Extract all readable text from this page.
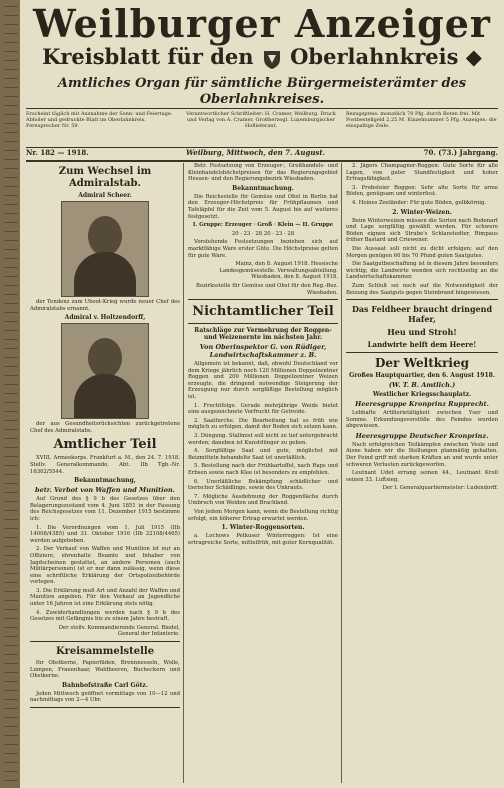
Weilburger Anzeiger
Kreisblatt für den Oberlahnkreis ◆
Amtliches Organ für sämtliche Bürgermeisterämter des Oberlahnkreises.
Erscheint täglich mit Ausnahme der Sonn- und Feiertage. Abholer und gedruckte Blatt im Oberlahnkreis. Fernsprecher Nr. 59.
Verantwortlicher Schriftleiter: H. Cramer, Weilburg. Druck und Verlag von A. Cramer, Großherzogl. Luxemburgischer Hoflieferant.
Bezugspreis: monatlich 70 Pfg. durch Boten frei. Mit Postbestellgeld 2,25 M. Einzelnummer 5 Pfg. Anzeigen: die einspaltige Zeile.
Nr. 182 — 1918.	Weilburg, Mittwoch, den 7. August.	70. (73.) Jahrgang.
Zum Wechsel im Admiralstab.
Admiral Scheer.

der Tendenz zum Uboot-Krieg wurde neuer Chef des Admiralstabs ernannt.

Admiral v. Holtzendorff,

der aus Gesundheitsrücksichten zurückgetretene Chef des Admiralstabs.

Amtlicher Teil

XVIII. Armeekorps. Frankfurt a. M., den 24. 7. 1918. Stellv. Generalkommando. Abt. IIb Tgb.-Nr. 16302/5544.

Bekanntmachung,
betr. Verbot von Waffen und Munition.

Auf Grund des § 9 b des Gesetzes über den Belagerungszustand vom 4. Juni 1851 in der Fassung des Reichsgesetzes vom 11. Dezember 1915 bestimme ich:

1. Die Verordnungen vom 1. Juli 1915 (IIb 14008/4385) und 31. Oktober 1916 (IIb 22108/4465) werden aufgehoben.

2. Der Verkauf von Waffen und Munition ist nur an Offiziere, ehrenhalte Beamte und Inhaber von Jagdscheinen gestattet, an andere Personen (auch Militärpersonen) ist er nur dann zulässig, wenn diese eine schriftliche Erklärung der Ortspolizeibehörde vorlegen.

3. Die Erklärung muß Art und Anzahl der Waffen und Munition angeben. Für den Verkauf an Jugendliche unter 16 Jahren ist eine Erklärung stets nötig.

4. Zuwiderhandlungen werden nach § 9 b des Gesetzes mit Gefängnis bis zu einem Jahre bestraft.

Der stellv. Kommandierende General. Riedel, General der Infanterie.

Kreisammelstelle

für Obstkerne, Papierfäden, Brennnesseln, Wolle, Lumpen, Frauenhaar, Waldbeeren, Bucheckern und Obstkerne.

Bahnhofstraße Carl Götz.

Jeden Mittwoch geöffnet vormittags von 10—12 und nachmittags von 2—4 Uhr.

Betr. Festsetzung von Erzeuger-, Großhandels- und Kleinhandelshöchstpreisen für das Regierungsgebiet Hessen- und den Regierungsbezirk Wiesbaden.

Bekanntmachung.

Die Reichsstelle für Gemüse und Obst in Berlin hat den Erzeuger-Höchstpreis für Frühpflaumen und Tafeläpfel für die Zeit vom 5. August bis auf weiteres festgesetzt.

I. Gruppe: Erzeuger · Groß · Klein — II. Gruppe

20 · 23 · 28 20 · 23 · 28

Vorstehende Festsetzungen beziehen sich auf marktfähige Ware erster Güte. Die Höchstpreise gelten für gute Ware.

Mainz, den 8. August 1918. Hessische Landesgemüsestelle. Verwaltungsabteilung. Wiesbaden, den 8. August 1918.

Bezirksstelle für Gemüse und Obst für den Reg.-Bez. Wiesbaden.

Nichtamtlicher Teil
Ratschläge zur Vermehrung der Roggen- und Weizenernte im nächsten Jahr.
Von Oberinspektor G. von Rüdiger, Landwirtschaftskammer z. B.

Allgemein ist bekannt, daß, obwohl Deutschland vor dem Kriege jährlich noch 120 Millionen Doppelzentner Roggen und 200 Millionen Doppelzentner Weizen erzeugte, die dringend notwendige Steigerung der Erzeugung nur durch sorgfältige Bestellung möglich ist.

1. Fruchtfolge. Gerade mehrjährige Weide bietet eine ausgezeichnete Vorfrucht für Getreide.

2. Saatfurche. Die Bearbeitung hat so früh wie möglich zu erfolgen, damit der Boden sich setzen kann.

3. Düngung. Stallmist soll nicht zu tief untergebracht werden; daneben ist Kunstdünger zu geben.

4. Sorgfältige Saat und gute, möglichst mit Beizmitteln behandelte Saat ist unerläßlich.

5. Bestellung nach der Frühkartoffel, nach Raps und Erbsen sowie nach Klee ist besonders zu empfehlen.

6. Unerläßliche Bekämpfung schädlicher und tierischer Schädlinge, sowie des Unkrauts.

7. Mögliche Ausdehnung der Roggenfläche durch Umbruch von Weiden und Brachland.

Von jedem Morgen kann, wenn die Bestellung richtig erfolgt, ein höherer Ertrag erwartet werden.

1. Winter-Roggensorten.

a. Lochows Petkuser Winterroggen: Ist eine ertragreiche Sorte, mittelfrüh, mit guter Kornqualität.

2. Jägers Champagner-Roggen: Gute Sorte für alle Lagen, von guter Standfestigkeit und hoher Ertragsfähigkeit.

3. Probsteier Roggen: Sehr alte Sorte für arme Böden, genügsam und winterfest.

4. Heines Zeeländer: Für gute Böden, gelbkörnig.

2. Winter-Weizen.

Beim Winterweizen müssen die Sorten nach Bodenart und Lage sorgfältig gewählt werden. Für schwere Böden eignen sich Strube's Schlanstedter, Rimpaus früher Bastard und Criewener.

Die Aussaat soll nicht zu dicht erfolgen; auf den Morgen genügen 60 bis 70 Pfund guten Saatgutes.

Die Saatgutbeschaffung ist in diesem Jahre besonders wichtig; die Landwirte wenden sich rechtzeitig an die Landwirtschaftskammer.

Zum Schluß sei noch auf die Notwendigkeit der Beizung des Saatguts gegen Steinbrand hingewiesen.

Das Feldheer braucht dringend Hafer,
Heu und Stroh!
Landwirte helft dem Heere!
Der Weltkrieg
Großes Hauptquartier, den 6. August 1918.
(W. T. B. Amtlich.)
Westlicher Kriegsschauplatz.
Heeresgruppe Kronprinz Rupprecht.

Lebhafte Artillerietätigkeit zwischen Yser und Somme. Erkundungsvorstöße des Feindes wurden abgewiesen.

Heeresgruppe Deutscher Kronprinz.

Nach erfolgreichen Teilkämpfen zwischen Vesle und Aisne haben wir die Stellungen planmäßig gehalten. Der Feind griff mit starken Kräften an und wurde unter schweren Verlusten zurückgeworfen.

Leutnant Udet errang seinen 44., Leutnant Kroll seinen 33. Luftsieg.

Der I. Generalquartiermeister: Ludendorff.
